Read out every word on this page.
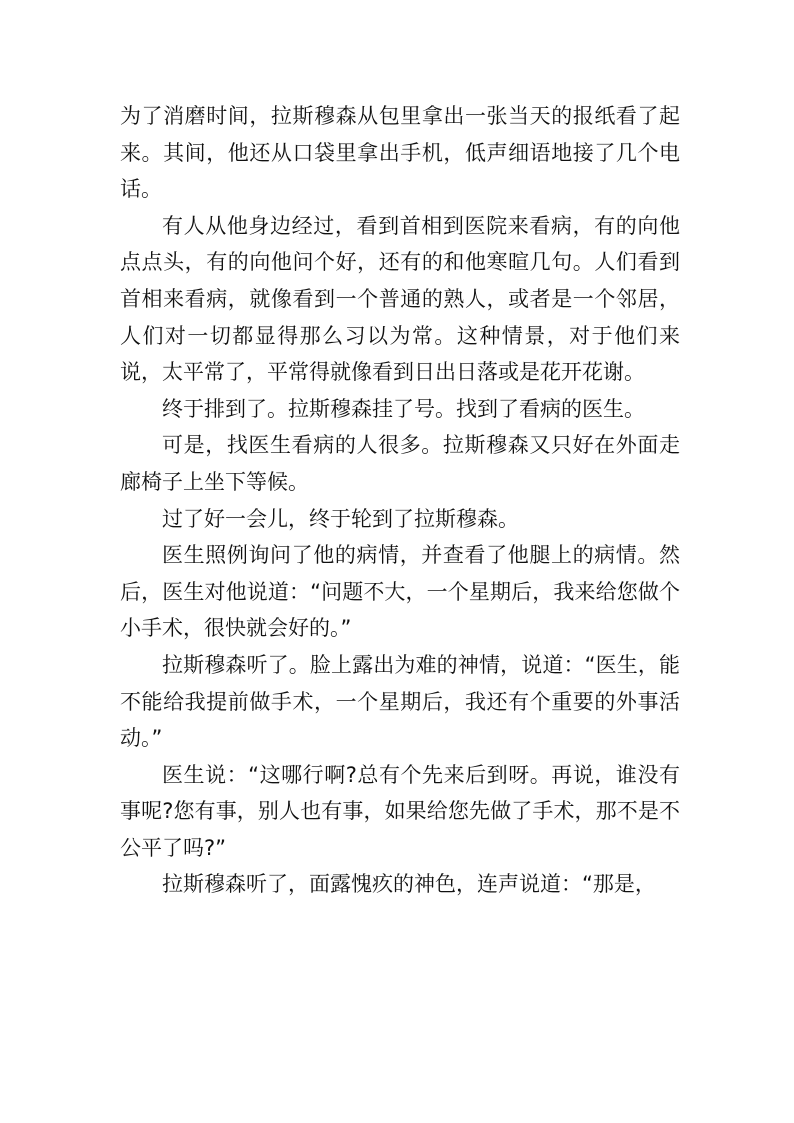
为了消磨时间，拉斯穆森从包里拿出一张当天的报纸看了起来。其间，他还从口袋里拿出手机，低声细语地接了几个电话。

有人从他身边经过，看到首相到医院来看病，有的向他点点头，有的向他问个好，还有的和他寒暄几句。人们看到首相来看病，就像看到一个普通的熟人，或者是一个邻居，人们对一切都显得那么习以为常。这种情景，对于他们来说，太平常了，平常得就像看到日出日落或是花开花谢。

终于排到了。拉斯穆森挂了号。找到了看病的医生。

可是，找医生看病的人很多。拉斯穆森又只好在外面走廊椅子上坐下等候。

过了好一会儿，终于轮到了拉斯穆森。

医生照例询问了他的病情，并查看了他腿上的病情。然后，医生对他说道：“问题不大，一个星期后，我来给您做个小手术，很快就会好的。”

拉斯穆森听了。脸上露出为难的神情，说道：“医生，能不能给我提前做手术，一个星期后，我还有个重要的外事活动。”

医生说：“这哪行啊?总有个先来后到呀。再说，谁没有事呢?您有事，别人也有事，如果给您先做了手术，那不是不公平了吗?”

拉斯穆森听了，面露愧疚的神色，连声说道：“那是，
